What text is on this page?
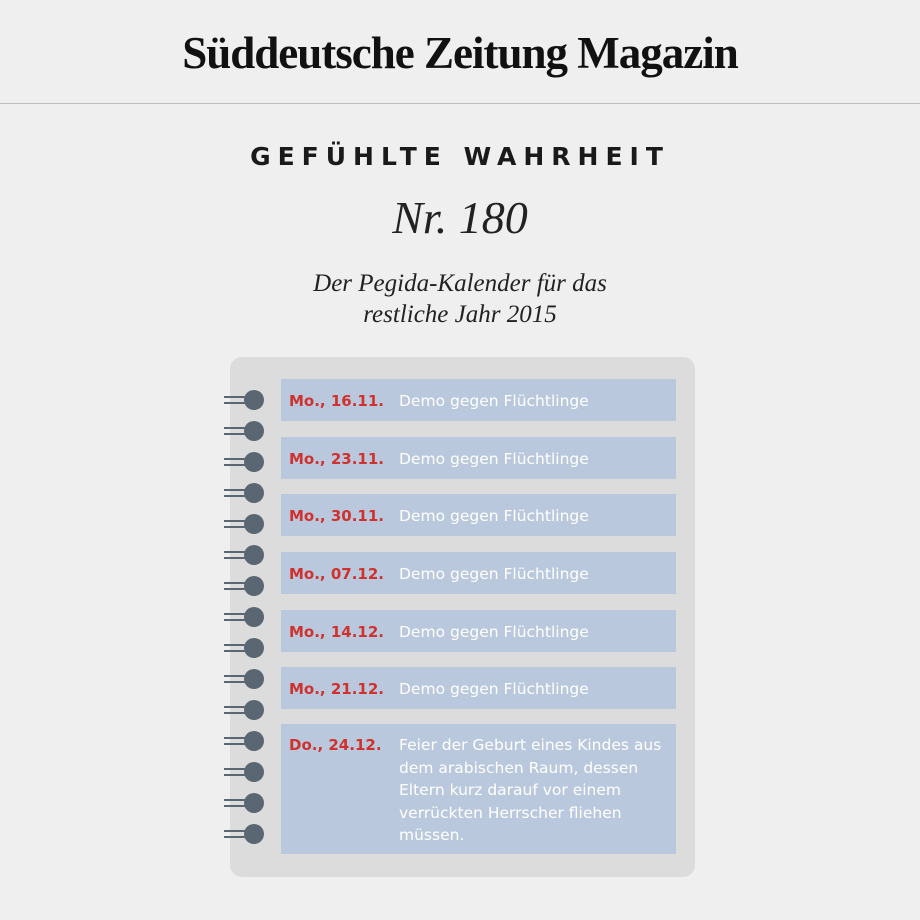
Süddeutsche Zeitung Magazin
GEFÜHLTE WAHRHEIT
Nr. 180
Der Pegida-Kalender für das
restliche Jahr 2015
Mo., 16.11. Demo gegen Flüchtlinge
Mo., 23.11. Demo gegen Flüchtlinge
Mo., 30.11. Demo gegen Flüchtlinge
Mo., 07.12. Demo gegen Flüchtlinge
Mo., 14.12. Demo gegen Flüchtlinge
Mo., 21.12. Demo gegen Flüchtlinge
Do., 24.12.	Feier der Geburt eines Kindes aus dem arabischen Raum, dessen Eltern kurz darauf vor einem verrückten Herrscher fliehen müssen.
